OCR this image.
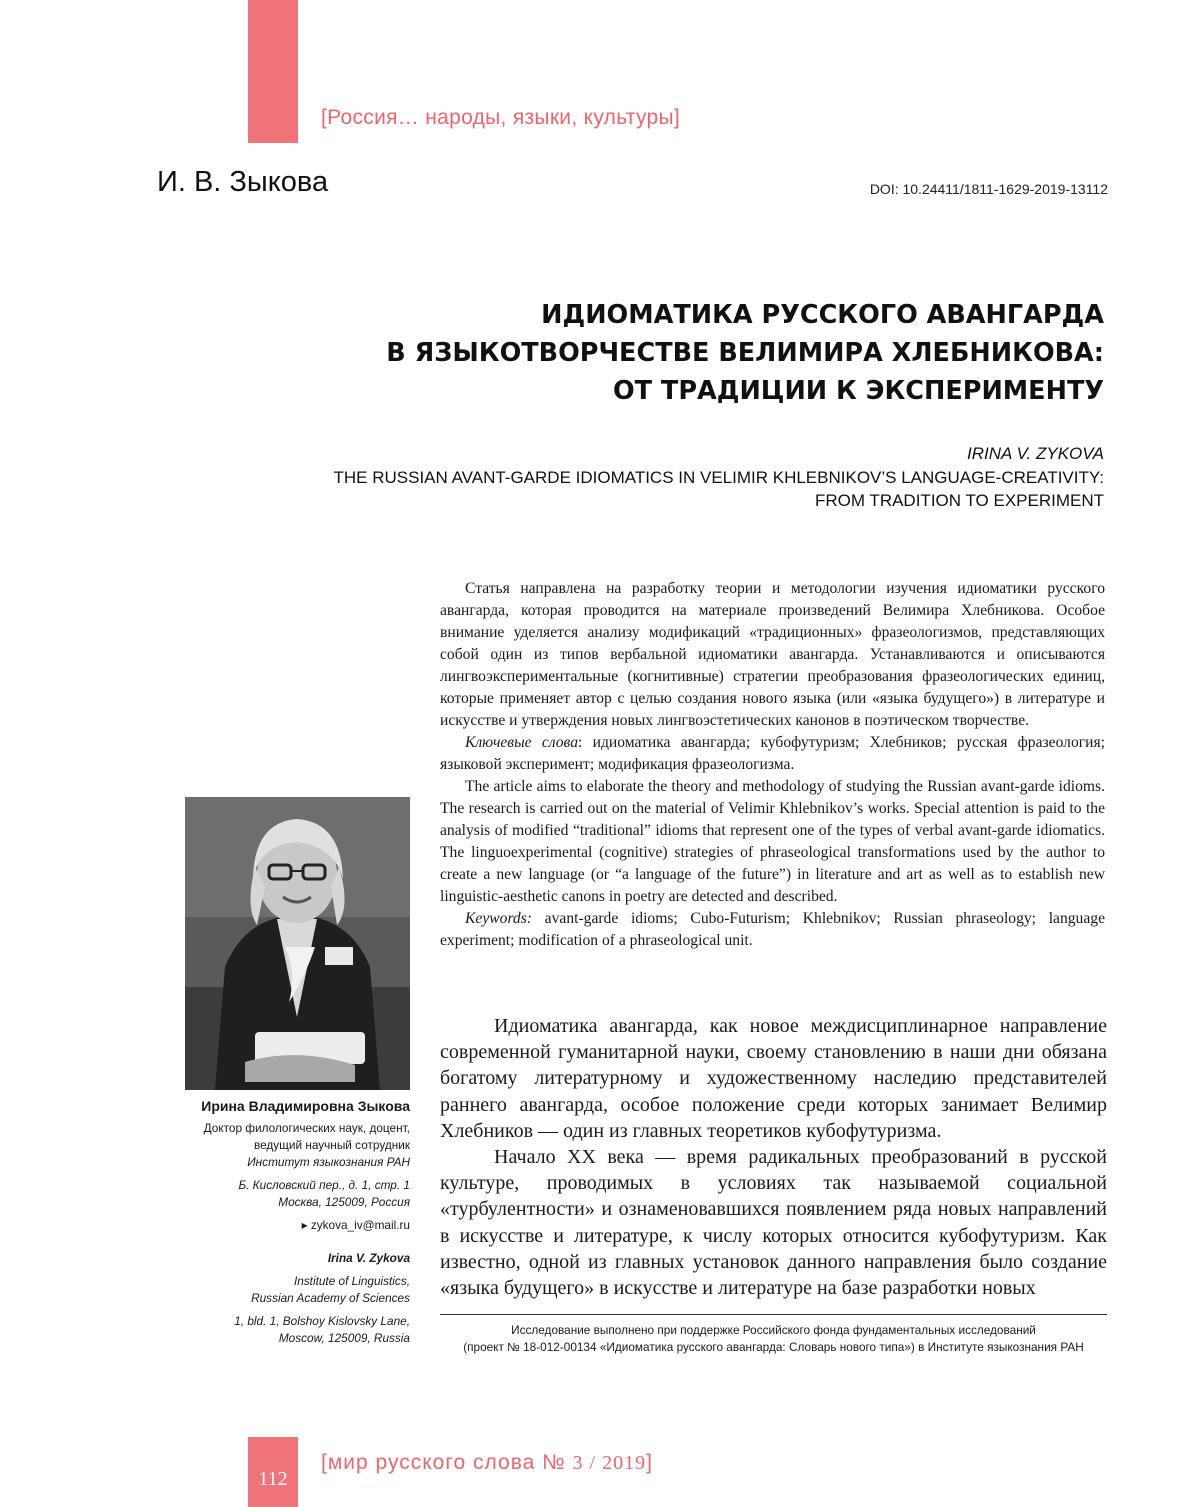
[Россия… народы, языки, культуры]
И. В. Зыкова	DOI: 10.24411/1811-1629-2019-13112
ИДИОМАТИКА РУССКОГО АВАНГАРДА
В ЯЗЫКОТВОРЧЕСТВЕ ВЕЛИМИРА ХЛЕБНИКОВА:
ОТ ТРАДИЦИИ К ЭКСПЕРИМЕНТУ
IRINA V. ZYKOVA
THE RUSSIAN AVANT-GARDE IDIOMATICS IN VELIMIR KHLEBNIKOV’S LANGUAGE-CREATIVITY:
FROM TRADITION TO EXPERIMENT

Статья направлена на разработку теории и методологии изучения идиоматики русского авангарда, которая проводится на материале произведений Велимира Хлебникова. Особое внимание уделяется анализу модификаций «традиционных» фразеологизмов, представляющих собой один из типов вербальной идиоматики авангарда. Устанавливаются и описываются лингвоэкспериментальные (когнитивные) стратегии преобразования фразеологических единиц, которые применяет автор с целью создания нового языка (или «языка будущего») в литературе и искусстве и утверждения новых лингвоэстетических канонов в поэтическом творчестве.

Ключевые слова: идиоматика авангарда; кубофутуризм; Хлебников; русская фразеология; языковой эксперимент; модификация фразеологизма.

The article aims to elaborate the theory and methodology of studying the Russian avant-garde idioms. The research is carried out on the material of Velimir Khlebnikov’s works. Special attention is paid to the analysis of modified “traditional” idioms that represent one of the types of verbal avant-garde idiomatics. The linguoexperimental (cognitive) strategies of phraseological transformations used by the author to create a new language (or “a language of the future”) in literature and art as well as to establish new linguistic-aesthetic canons in poetry are detected and described.

Keywords: avant-garde idioms; Cubo-Futurism; Khlebnikov; Russian phraseology; language experiment; modification of a phraseological unit.

Идиоматика авангарда, как новое междисциплинарное направление современной гуманитарной науки, своему становлению в наши дни обязана богатому литературному и художественному наследию представителей раннего авангарда, особое положение среди которых занимает Велимир Хлебников — один из главных теоретиков кубофутуризма.

Начало XX века — время радикальных преобразований в русской культуре, проводимых в условиях так называемой социальной «турбулентности» и ознаменовавшихся появлением ряда новых направлений в искусстве и литературе, к числу которых относится кубофутуризм. Как известно, одной из главных установок данного направления было создание «языка будущего» в искусстве и литературе на базе разработки новых

Ирина Владимировна Зыкова
Доктор филологических наук, доцент,
ведущий научный сотрудник
Институт языкознания РАН
Б. Кисловский пер., д. 1, стр. 1
Москва, 125009, Россия
▸ zykova_iv@mail.ru
Irina V. Zykova
Institute of Linguistics,
Russian Academy of Sciences
1, bld. 1, Bolshoy Kislovsky Lane,
Moscow, 125009, Russia
Исследование выполнено при поддержке Российского фонда фундаментальных исследований
(проект № 18-012-00134 «Идиоматика русского авангарда: Словарь нового типа») в Институте языкознания РАН
112
[мир русского слова № 3 / 2019]
